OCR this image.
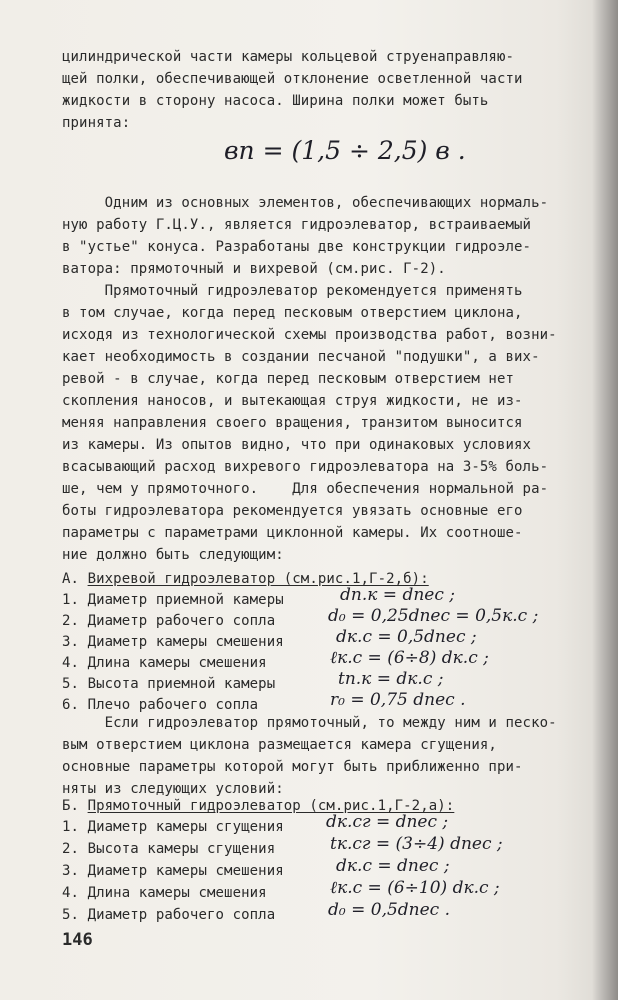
цилиндрической части камеры кольцевой струенаправляю-
щей полки, обеспечивающей отклонение осветленной части
жидкости в сторону насоса. Ширина полки может быть
принята:
вп = (1,5 ÷ 2,5) в .
Одним из основных элементов, обеспечивающих нормаль-
ную работу Г.Ц.У., является гидроэлеватор, встраиваемый
в "устье" конуса. Разработаны две конструкции гидроэле-
ватора: прямоточный и вихревой (см.рис. Г-2).
Прямоточный гидроэлеватор рекомендуется применять
в том случае, когда перед песковым отверстием циклона,
исходя из технологической схемы производства работ, возни-
кает необходимость в создании песчаной "подушки", а вих-
ревой - в случае, когда перед песковым отверстием нет
скопления наносов, и вытекающая струя жидкости, не из-
меняя направления своего вращения, транзитом выносится
из камеры. Из опытов видно, что при одинаковых условиях
всасывающий расход вихревого гидроэлеватора на 3-5% боль-
ше, чем у прямоточного.    Для обеспечения нормальной ра-
боты гидроэлеватора рекомендуется увязать основные его
параметры с параметрами циклонной камеры. Их соотноше-
ние должно быть следующим:
А. Вихревой гидроэлеватор (см.рис.1,Г-2,б):
1. Диаметр приемной камеры	dп.к = dпес ;
2. Диаметр рабочего сопла	d₀ = 0,25dпес = 0,5к.с ;
3. Диаметр камеры смешения	dк.с = 0,5dпес ;
4. Длина камеры смешения	ℓк.с = (6÷8) dк.с ;
5. Высота приемной камеры	tп.к = dк.с ;
6. Плечо рабочего сопла	r₀ = 0,75 dпес .
Если гидроэлеватор прямоточный, то между ним и песко-
вым отверстием циклона размещается камера сгущения,
основные параметры которой могут быть приближенно при-
няты из следующих условий:
Б. Прямоточный гидроэлеватор (см.рис.1,Г-2,а):
1. Диаметр камеры сгущения dк.сг = dпес ;
2. Высота камеры сгущения	tк.сг = (3÷4) dпес ;
3. Диаметр камеры смешения	dк.с = dпес ;
4. Длина камеры смешения	ℓк.с = (6÷10) dк.с ;
5. Диаметр рабочего сопла	d₀ = 0,5dпес .
146
